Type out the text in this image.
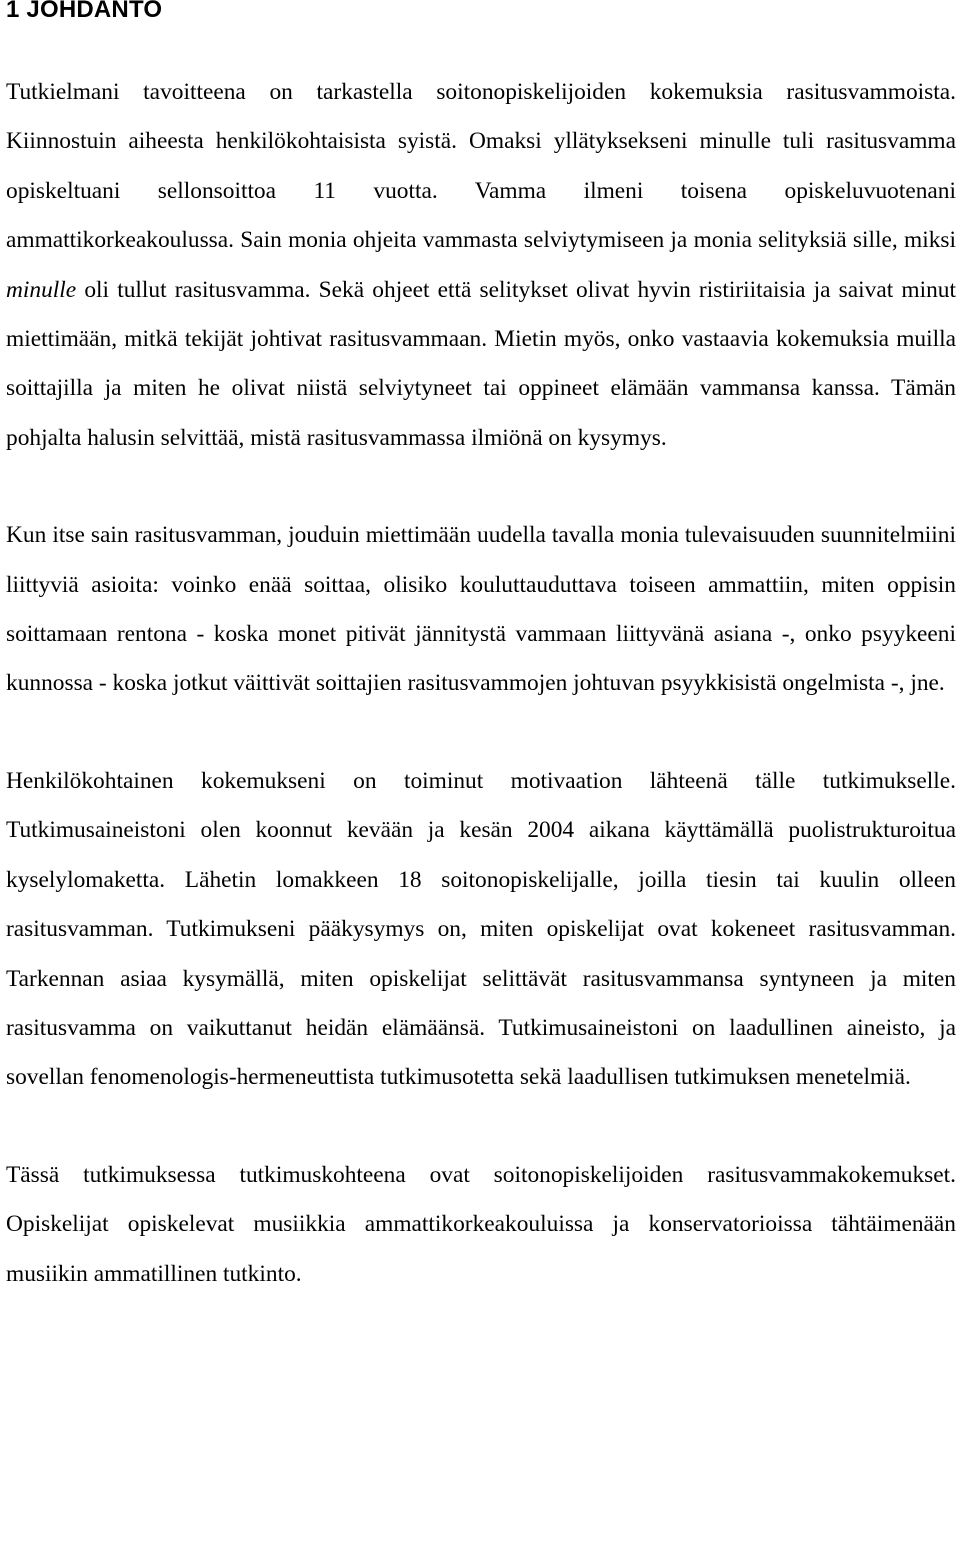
1 JOHDANTO

Tutkielmani tavoitteena on tarkastella soitonopiskelijoiden kokemuksia rasitusvammoista. Kiinnostuin aiheesta henkilökohtaisista syistä. Omaksi yllätyksekseni minulle tuli rasitusvamma opiskeltuani sellonsoittoa 11 vuotta. Vamma ilmeni toisena opiskeluvuotenani ammattikorkeakoulussa. Sain monia ohjeita vammasta selviytymiseen ja monia selityksiä sille, miksi minulle oli tullut rasitusvamma. Sekä ohjeet että selitykset olivat hyvin ristiriitaisia ja saivat minut miettimään, mitkä tekijät johtivat rasitusvammaan. Mietin myös, onko vastaavia kokemuksia muilla soittajilla ja miten he olivat niistä selviytyneet tai oppineet elämään vammansa kanssa. Tämän pohjalta halusin selvittää, mistä rasitusvammassa ilmiönä on kysymys.

Kun itse sain rasitusvamman, jouduin miettimään uudella tavalla monia tulevaisuuden suunnitelmiini liittyviä asioita: voinko enää soittaa, olisiko kouluttauduttava toiseen ammattiin, miten oppisin soittamaan rentona - koska monet pitivät jännitystä vammaan liittyvänä asiana -, onko psyykeeni kunnossa - koska jotkut väittivät soittajien rasitusvammojen johtuvan psyykkisistä ongelmista -, jne.

Henkilökohtainen kokemukseni on toiminut motivaation lähteenä tälle tutkimukselle. Tutkimusaineistoni olen koonnut kevään ja kesän 2004 aikana käyttämällä puolistrukturoitua kyselylomaketta. Lähetin lomakkeen 18 soitonopiskelijalle, joilla tiesin tai kuulin olleen rasitusvamman. Tutkimukseni pääkysymys on, miten opiskelijat ovat kokeneet rasitusvamman. Tarkennan asiaa kysymällä, miten opiskelijat selittävät rasitusvammansa syntyneen ja miten rasitusvamma on vaikuttanut heidän elämäänsä. Tutkimusaineistoni on laadullinen aineisto, ja sovellan fenomenologis-hermeneuttista tutkimusotetta sekä laadullisen tutkimuksen menetelmiä.

Tässä tutkimuksessa tutkimuskohteena ovat soitonopiskelijoiden rasitusvammakokemukset. Opiskelijat opiskelevat musiikkia ammattikorkeakouluissa ja konservatorioissa tähtäimenään musiikin ammatillinen tutkinto.
